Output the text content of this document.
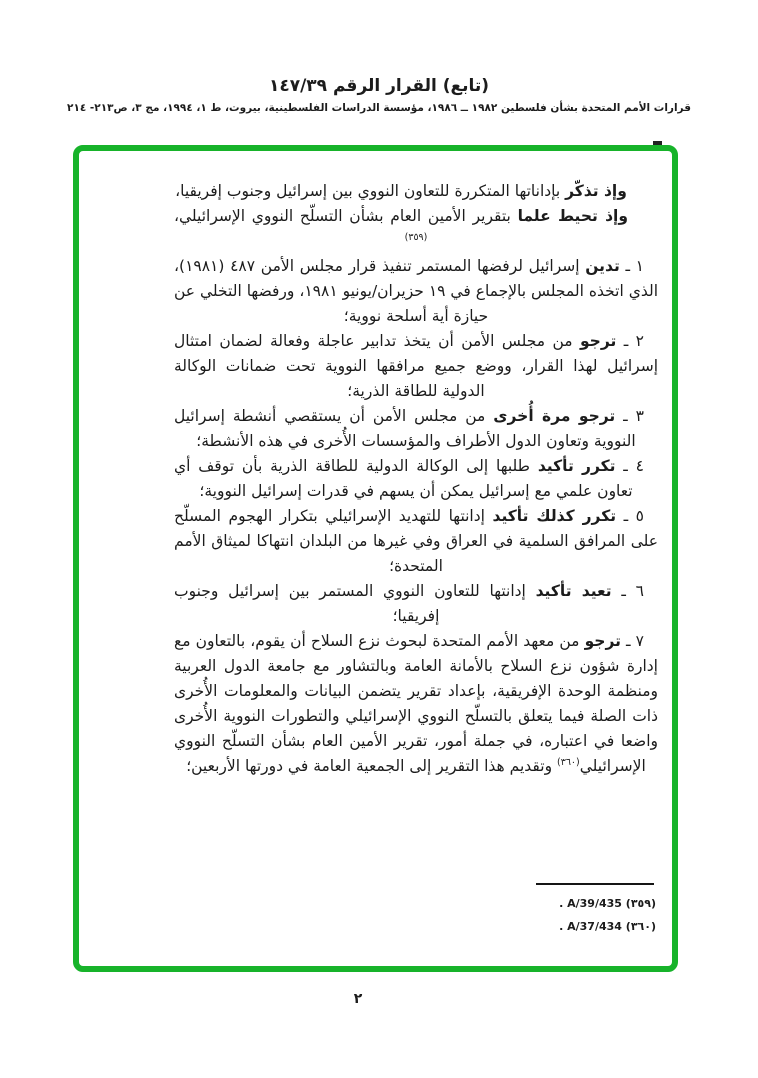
(تابع) القرار الرقم ١٤٧/٣٩
قرارات الأمم المتحدة بشأن فلسطين ١٩٨٢ ــ ١٩٨٦، مؤسسة الدراسات الفلسطينية، بيروت، ط ١، ١٩٩٤، مج ٣، ص٢١٣- ٢١٤

وإذ تذكّر بإداناتها المتكررة للتعاون النووي بين إسرائيل وجنوب إفريقيا،

وإذ تحيط علما بتقرير الأمين العام بشأن التسلّح النووي الإسرائيلي،$^{(٣٥٩)}$

١ ـ تدين إسرائيل لرفضها المستمر تنفيذ قرار مجلس الأمن ٤٨٧ (١٩٨١)، الذي اتخذه المجلس بالإجماع في ١٩ حزيران/يونيو ١٩٨١، ورفضها التخلي عن حيازة أية أسلحة نووية؛

٢ ـ ترجو من مجلس الأمن أن يتخذ تدابير عاجلة وفعالة لضمان امتثال إسرائيل لهذا القرار، ووضع جميع مرافقها النووية تحت ضمانات الوكالة الدولية للطاقة الذرية؛

٣ ـ ترجو مرة أُخرى من مجلس الأمن أن يستقصي أنشطة إسرائيل النووية وتعاون الدول الأطراف والمؤسسات الأُخرى في هذه الأنشطة؛

٤ ـ تكرر تأكيد طلبها إلى الوكالة الدولية للطاقة الذرية بأن توقف أي تعاون علمي مع إسرائيل يمكن أن يسهم في قدرات إسرائيل النووية؛

٥ ـ تكرر كذلك تأكيد إدانتها للتهديد الإسرائيلي بتكرار الهجوم المسلّح على المرافق السلمية في العراق وفي غيرها من البلدان انتهاكا لميثاق الأمم المتحدة؛

٦ ـ تعيد تأكيد إدانتها للتعاون النووي المستمر بين إسرائيل وجنوب إفريقيا؛

٧ ـ ترجو من معهد الأمم المتحدة لبحوث نزع السلاح أن يقوم، بالتعاون مع إدارة شؤون نزع السلاح بالأمانة العامة وبالتشاور مع جامعة الدول العربية ومنظمة الوحدة الإفريقية، بإعداد تقرير يتضمن البيانات والمعلومات الأُخرى ذات الصلة فيما يتعلق بالتسلّح النووي الإسرائيلي والتطورات النووية الأُخرى واضعا في اعتباره، في جملة أمور، تقرير الأمين العام بشأن التسلّح النووي الإسرائيلي$^{(٣٦٠)}$ وتقديم هذا التقرير إلى الجمعية العامة في دورتها الأربعين؛

(٣٥٩) A/39/435 .
(٣٦٠) A/37/434 .
٢
